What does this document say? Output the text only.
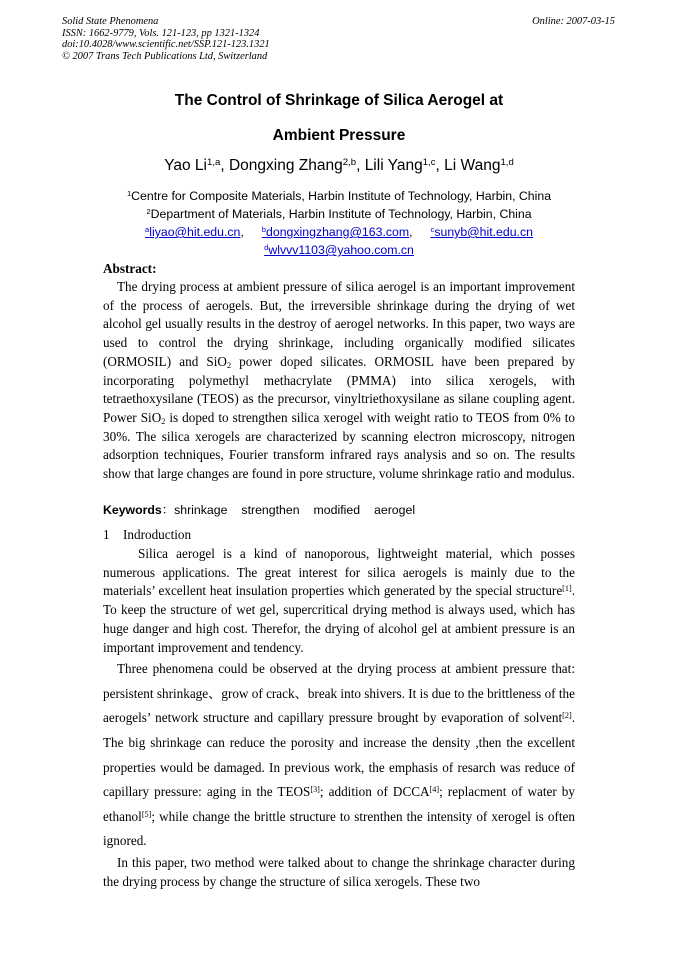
Solid State Phenomena
ISSN: 1662-9779, Vols. 121-123, pp 1321-1324
doi:10.4028/www.scientific.net/SSP.121-123.1321
© 2007 Trans Tech Publications Ltd, Switzerland
Online: 2007-03-15
The Control of Shrinkage of Silica Aerogel at
Ambient Pressure
Yao Li$^{1,a}$, Dongxing Zhang$^{2,b}$, Lili Yang$^{1,c}$, Li Wang$^{1,d}$
$^1$Centre for Composite Materials, Harbin Institute of Technology, Harbin, China
$^2$Department of Materials, Harbin Institute of Technology, Harbin, China
$^a$liyao@hit.edu.cn, $^b$dongxingzhang@163.com, $^c$sunyb@hit.edu.cn
$^d$wlvvv1103@yahoo.com.cn
Abstract:

The drying process at ambient pressure of silica aerogel is an important improvement of the process of aerogels. But, the irreversible shrinkage during the drying of wet alcohol gel usually results in the destroy of aerogel networks. In this paper, two ways are used to control the drying shrinkage, including organically modified silicates (ORMOSIL) and SiO$_2$ power doped silicates. ORMOSIL have been prepared by incorporating polymethyl methacrylate (PMMA) into silica xerogels, with tetraethoxysilane (TEOS) as the precursor, vinyltriethoxysilane as silane coupling agent. Power SiO$_2$ is doped to strengthen silica xerogel with weight ratio to TEOS from 0% to 30%. The silica xerogels are characterized by scanning electron microscopy, nitrogen adsorption techniques, Fourier transform infrared rays analysis and so on. The results show that large changes are found in pore structure, volume shrinkage ratio and modulus.

Keywords：shrinkage strengthen modified aerogel
1 Indroduction

Silica aerogel is a kind of nanoporous, lightweight material, which posses numerous applications. The great interest for silica aerogels is mainly due to the materials’ excellent heat insulation properties which generated by the special structure[1]. To keep the structure of wet gel, supercritical drying method is always used, which has huge danger and high cost. Therefor, the drying of alcohol gel at ambient pressure is an important improvement and tendency.

Three phenomena could be observed at the drying process at ambient pressure that: persistent shrinkage、grow of crack、break into shivers. It is due to the brittleness of the aerogels’ network structure and capillary pressure brought by evaporation of solvent[2]. The big shrinkage can reduce the porosity and increase the density ,then the excellent properties would be damaged. In previous work, the emphasis of resarch was reduce of capillary pressure: aging in the TEOS[3]; addition of DCCA[4]; replacment of water by ethanol[5]; while change the brittle structure to strenthen the intensity of xerogel is often ignored.

In this paper, two method were talked about to change the shrinkage character during the drying process by change the structure of silica xerogels. These two
